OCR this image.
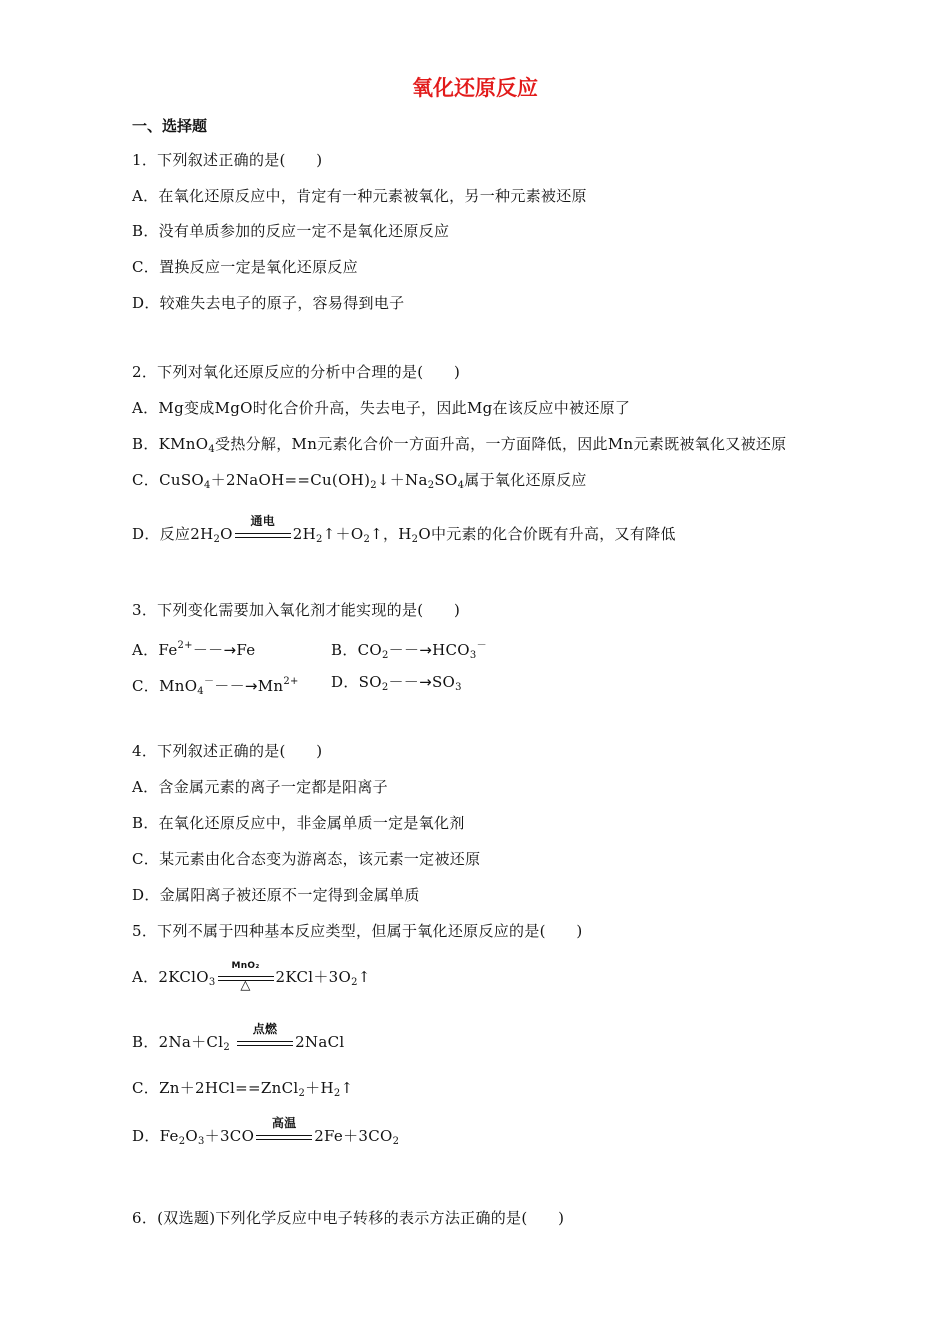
氧化还原反应
一、选择题
1．下列叙述正确的是(　　)
A．在氧化还原反应中，肯定有一种元素被氧化，另一种元素被还原
B．没有单质参加的反应一定不是氧化还原反应
C．置换反应一定是氧化还原反应
D．较难失去电子的原子，容易得到电子
2．下列对氧化还原反应的分析中合理的是(　　)
A．Mg变成MgO时化合价升高，失去电子，因此Mg在该反应中被还原了
B．KMnO$_4$受热分解，Mn元素化合价一方面升高，一方面降低，因此Mn元素既被氧化又被还原
C．$CuSO_4+2NaOH==Cu(OH)_2↓+Na_2SO_4$属于氧化还原反应
D．反应$2H_2O$
通电
$2H_2↑+O_2↑$，$H_2O$中元素的化合价既有升高，又有降低
3．下列变化需要加入氧化剂才能实现的是(　　)
A．$Fe^{2+}--\to Fe$	B．$CO_2--\to HCO_3^-$
C．$MnO_4^---\to Mn^{2+}$ D．$SO_2--\to SO_3$
4．下列叙述正确的是(　　)
A．含金属元素的离子一定都是阳离子
B．在氧化还原反应中，非金属单质一定是氧化剂
C．某元素由化合态变为游离态，该元素一定被还原
D．金属阳离子被还原不一定得到金属单质
5．下列不属于四种基本反应类型，但属于氧化还原反应的是(　　)
A．2KClO$_3$
MnO₂
△	$2KCl+3O_2↑$
B．$2Na+Cl_2$
点燃
2NaCl
C．$Zn+2HCl==ZnCl_2+H_2↑$
D．$Fe_2O_3+3CO$
高温
$2Fe+3CO_2$
6．(双选题)下列化学反应中电子转移的表示方法正确的是(　　)
